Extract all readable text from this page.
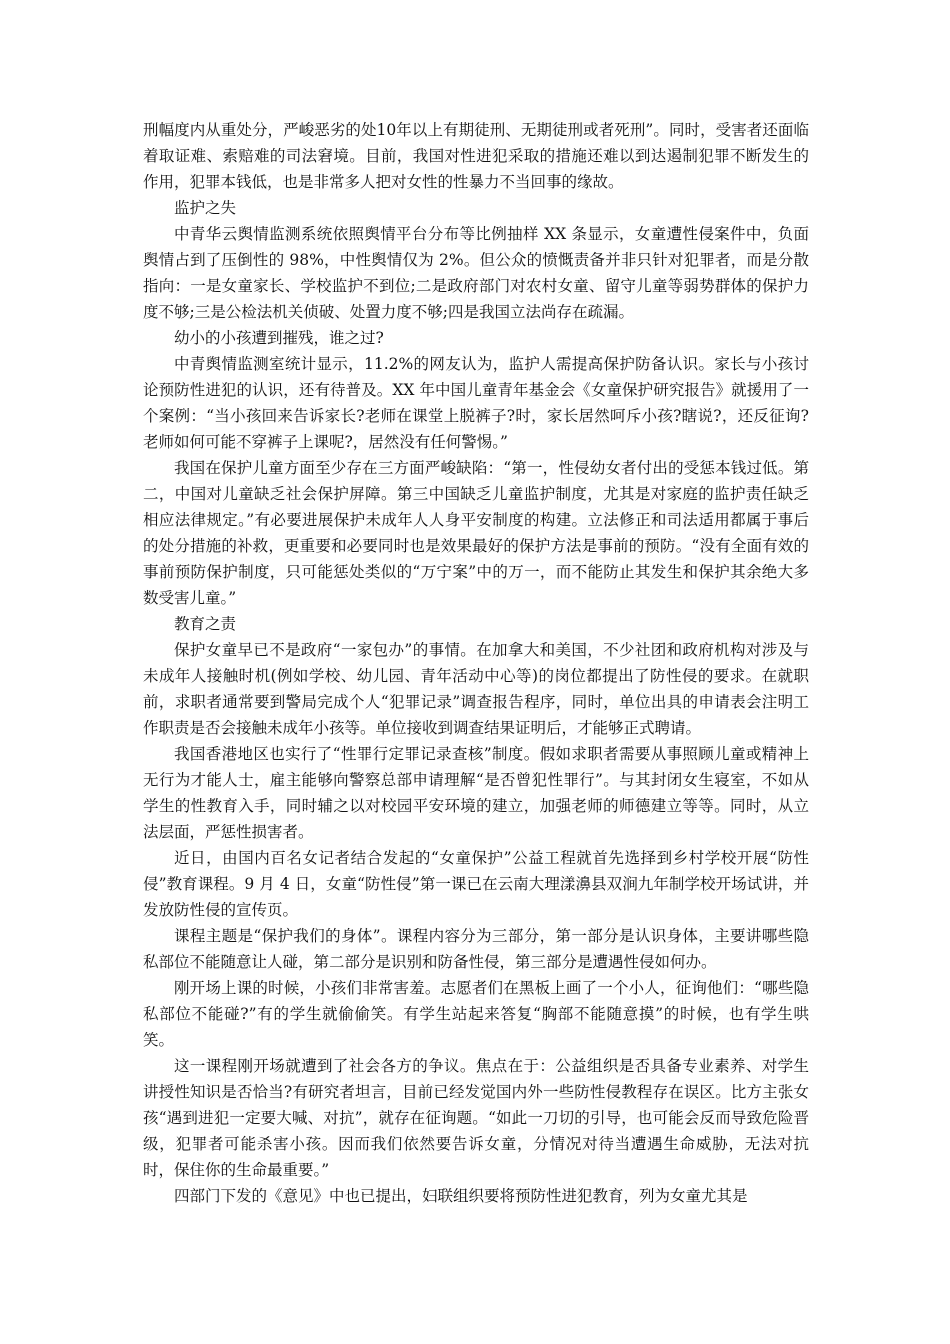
刑幅度内从重处分，严峻恶劣的处10年以上有期徒刑、无期徒刑或者死刑”。同时，受害者还面临着取证难、索赔难的司法窘境。目前，我国对性进犯采取的措施还难以到达遏制犯罪不断发生的作用，犯罪本钱低，也是非常多人把对女性的性暴力不当回事的缘故。

监护之失

中青华云舆情监测系统依照舆情平台分布等比例抽样 XX 条显示，女童遭性侵案件中，负面舆情占到了压倒性的 98%，中性舆情仅为 2%。但公众的愤慨责备并非只针对犯罪者，而是分散指向：一是女童家长、学校监护不到位;二是政府部门对农村女童、留守儿童等弱势群体的保护力度不够;三是公检法机关侦破、处置力度不够;四是我国立法尚存在疏漏。

幼小的小孩遭到摧残，谁之过?

中青舆情监测室统计显示，11.2%的网友认为，监护人需提高保护防备认识。家长与小孩讨论预防性进犯的认识，还有待普及。XX 年中国儿童青年基金会《女童保护研究报告》就援用了一个案例：“当小孩回来告诉家长?老师在课堂上脱裤子?时，家长居然呵斥小孩?瞎说?，还反征询?老师如何可能不穿裤子上课呢?，居然没有任何警惕。”

我国在保护儿童方面至少存在三方面严峻缺陷：“第一，性侵幼女者付出的受惩本钱过低。第二，中国对儿童缺乏社会保护屏障。第三中国缺乏儿童监护制度，尤其是对家庭的监护责任缺乏相应法律规定。”有必要进展保护未成年人人身平安制度的构建。立法修正和司法适用都属于事后的处分措施的补救，更重要和必要同时也是效果最好的保护方法是事前的预防。“没有全面有效的事前预防保护制度，只可能惩处类似的“万宁案”中的万一，而不能防止其发生和保护其余绝大多数受害儿童。”

教育之责

保护女童早已不是政府“一家包办”的事情。在加拿大和美国，不少社团和政府机构对涉及与未成年人接触时机(例如学校、幼儿园、青年活动中心等)的岗位都提出了防性侵的要求。在就职前，求职者通常要到警局完成个人“犯罪记录”调查报告程序，同时，单位出具的申请表会注明工作职责是否会接触未成年小孩等。单位接收到调查结果证明后，才能够正式聘请。

我国香港地区也实行了“性罪行定罪记录查核”制度。假如求职者需要从事照顾儿童或精神上无行为才能人士，雇主能够向警察总部申请理解“是否曾犯性罪行”。与其封闭女生寝室，不如从学生的性教育入手，同时辅之以对校园平安环境的建立，加强老师的师德建立等等。同时，从立法层面，严惩性损害者。

近日，由国内百名女记者结合发起的“女童保护”公益工程就首先选择到乡村学校开展“防性侵”教育课程。9 月 4 日，女童“防性侵”第一课已在云南大理漾濞县双涧九年制学校开场试讲，并发放防性侵的宣传页。

课程主题是“保护我们的身体”。课程内容分为三部分，第一部分是认识身体，主要讲哪些隐私部位不能随意让人碰，第二部分是识别和防备性侵，第三部分是遭遇性侵如何办。

刚开场上课的时候，小孩们非常害羞。志愿者们在黑板上画了一个小人，征询他们：“哪些隐私部位不能碰?”有的学生就偷偷笑。有学生站起来答复“胸部不能随意摸”的时候，也有学生哄笑。

这一课程刚开场就遭到了社会各方的争议。焦点在于：公益组织是否具备专业素养、对学生讲授性知识是否恰当?有研究者坦言，目前已经发觉国内外一些防性侵教程存在误区。比方主张女孩“遇到进犯一定要大喊、对抗”，就存在征询题。“如此一刀切的引导，也可能会反而导致危险晋级，犯罪者可能杀害小孩。因而我们依然要告诉女童，分情况对待当遭遇生命威胁，无法对抗时，保住你的生命最重要。”

四部门下发的《意见》中也已提出，妇联组织要将预防性进犯教育，列为女童尤其是
